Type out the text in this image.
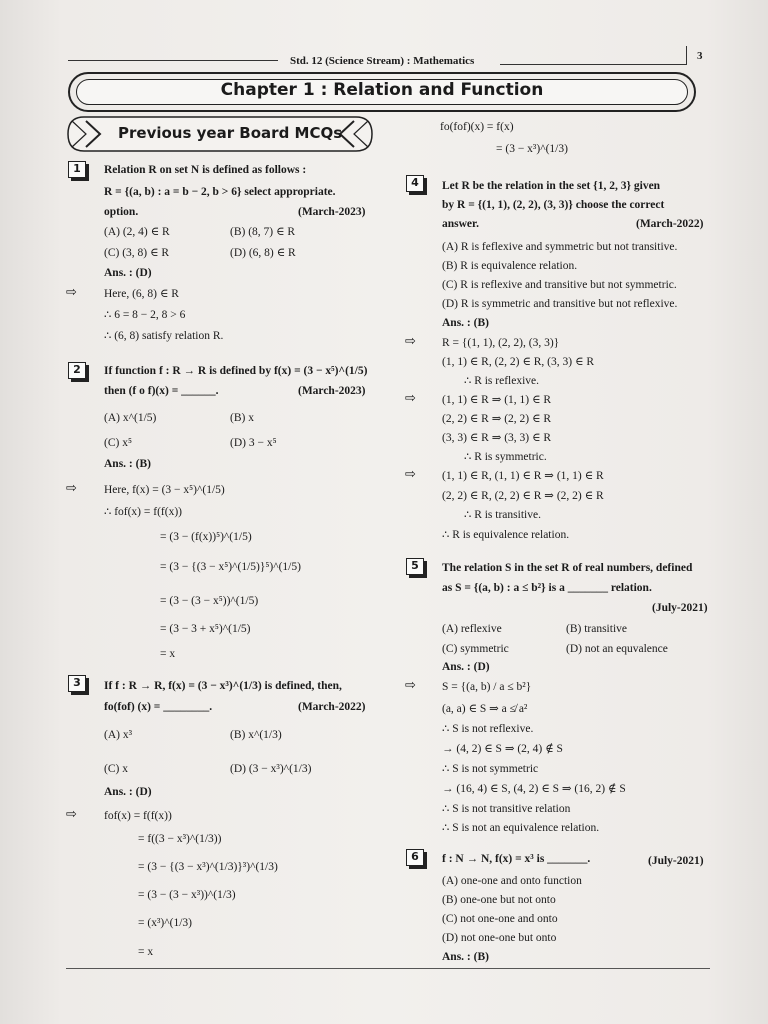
Std. 12 (Science Stream) : Mathematics	3
Chapter 1 : Relation and Function
Previous year Board MCQs
1	Relation R on set N is defined as follows :
R = {(a, b) : a = b − 2, b > 6} select appropriate.
option.	(March-2023)
(A) (2, 4) ∈ R	(B) (8, 7) ∈ R
(C) (3, 8) ∈ R	(D) (6, 8) ∈ R
Ans. : (D)
⇨ Here, (6, 8) ∈ R
∴ 6 = 8 − 2, 8 > 6
∴ (6, 8) satisfy relation R.
2	If function f : R → R is defined by f(x) = (3 − x⁵)^(1/5)
then (f o f)(x) = ______.	(March-2023)
(A) x^(1/5)	(B) x
(C) x⁵	(D) 3 − x⁵
Ans. : (B)
⇨ Here, f(x) = (3 − x⁵)^(1/5)
∴ fof(x) = f(f(x))
= (3 − (f(x))⁵)^(1/5)
= (3 − {(3 − x⁵)^(1/5)}⁵)^(1/5)
= (3 − (3 − x⁵))^(1/5)
= (3 − 3 + x⁵)^(1/5)
= x
3	If f : R → R, f(x) = (3 − x³)^(1/3) is defined, then,
fo(fof) (x) = ________.	(March-2022)
(A) x³	(B) x^(1/3)
(C) x	(D) (3 − x³)^(1/3)
Ans. : (D)
⇨ fof(x) = f(f(x))
= f((3 − x³)^(1/3))
= (3 − {(3 − x³)^(1/3)}³)^(1/3)
= (3 − (3 − x³))^(1/3)
= (x³)^(1/3)
= x
fo(fof)(x) = f(x)
= (3 − x³)^(1/3)
4	Let R be the relation in the set {1, 2, 3} given
by R = {(1, 1), (2, 2), (3, 3)} choose the correct
answer.	(March-2022)
(A) R is feflexive and symmetric but not transitive.
(B) R is equivalence relation.
(C) R is reflexive and transitive but not symmetric.
(D) R is symmetric and transitive but not reflexive.
Ans. : (B)
⇨ R = {(1, 1), (2, 2), (3, 3)}
(1, 1) ∈ R, (2, 2) ∈ R, (3, 3) ∈ R
∴ R is reflexive.
⇨ (1, 1) ∈ R ⇒ (1, 1) ∈ R
(2, 2) ∈ R ⇒ (2, 2) ∈ R
(3, 3) ∈ R ⇒ (3, 3) ∈ R
∴ R is symmetric.
⇨ (1, 1) ∈ R, (1, 1) ∈ R ⇒ (1, 1) ∈ R
(2, 2) ∈ R, (2, 2) ∈ R ⇒ (2, 2) ∈ R
∴ R is transitive.
∴ R is equivalence relation.
5	The relation S in the set R of real numbers, defined
as S = {(a, b) : a ≤ b²} is a _______ relation.
(July-2021)
(A) reflexive	(B) transitive
(C) symmetric	(D) not an equvalence
Ans. : (D)
⇨ S = {(a, b) / a ≤ b²}
(a, a) ∈ S ⇒ a ≰ a²
∴ S is not reflexive.
→ (4, 2) ∈ S ⇒ (2, 4) ∉ S
∴ S is not symmetric
→ (16, 4) ∈ S, (4, 2) ∈ S ⇒ (16, 2) ∉ S
∴ S is not transitive relation
∴ S is not an equivalence relation.
6	f : N → N, f(x) = x³ is _______.	(July-2021)
(A) one-one and onto function
(B) one-one but not onto
(C) not one-one and onto
(D) not one-one but onto
Ans. : (B)
